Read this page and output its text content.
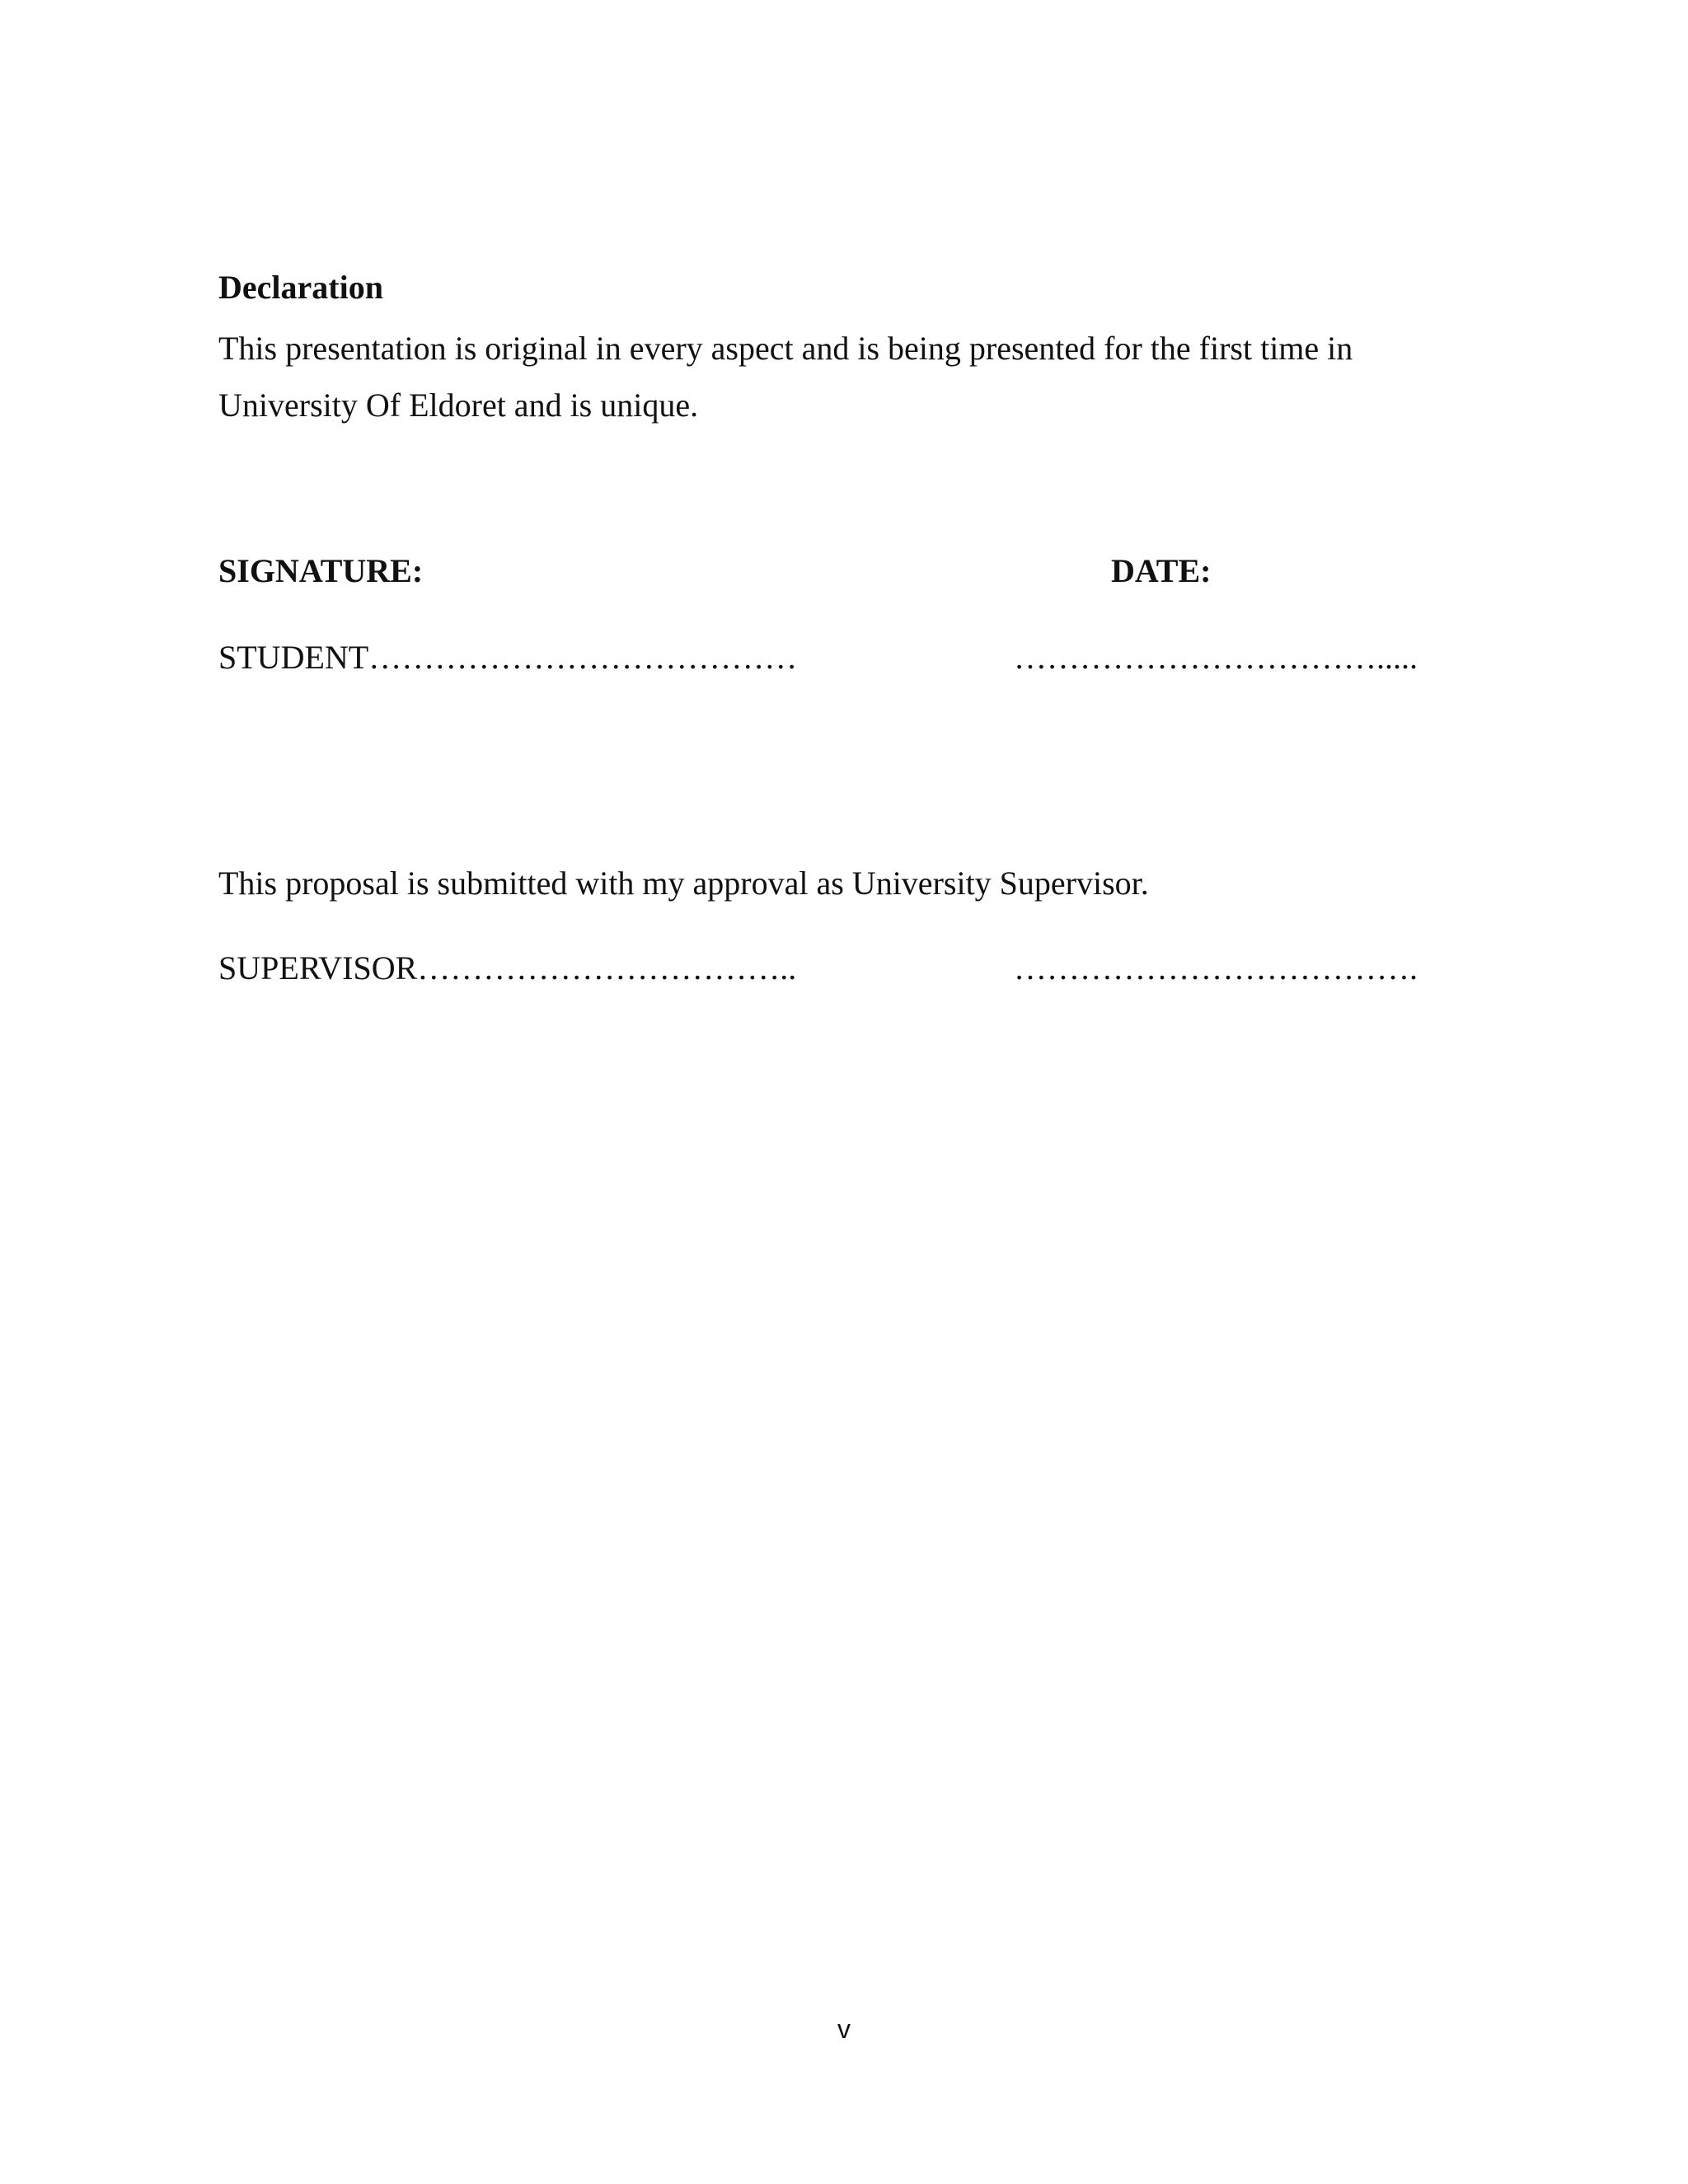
Declaration

This presentation is original in every aspect and is being presented for the first time in
University Of Eldoret and is unique.

SIGNATURE:	DATE:
STUDENT…………………………………	…………………………….....
This proposal is submitted with my approval as University Supervisor.
SUPERVISOR……………………………..	……………………………….
v
